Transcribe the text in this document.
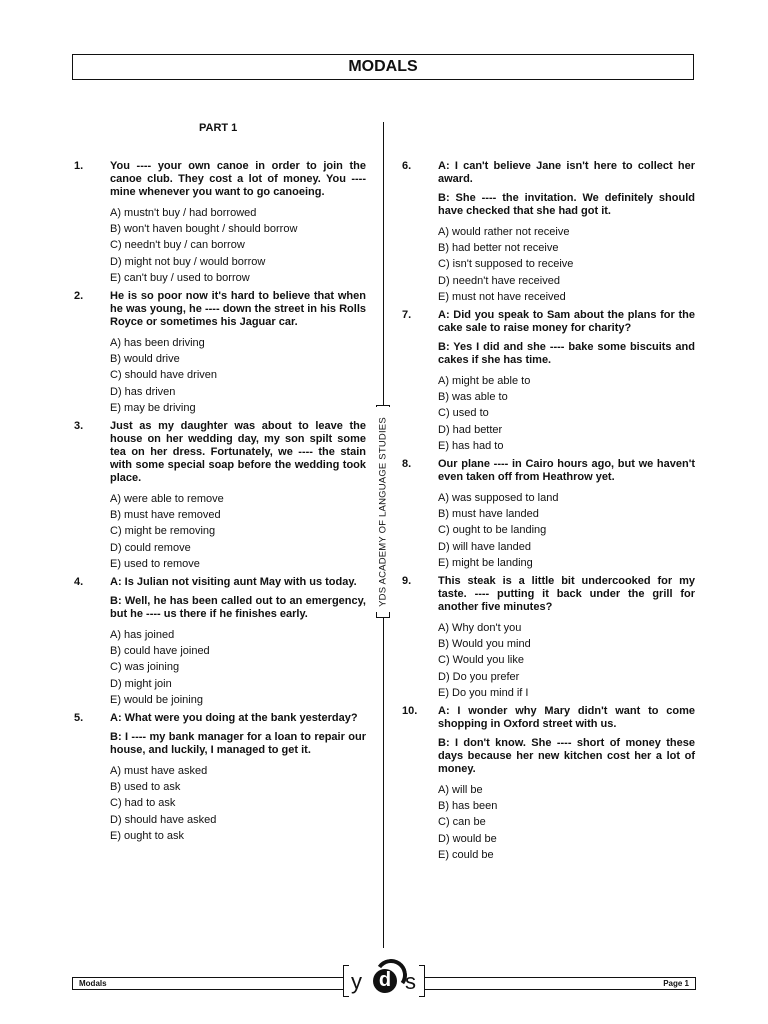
MODALS
PART 1
YDS ACADEMY OF LANGUAGE STUDIES
1. You ---- your own canoe in order to join the canoe club. They cost a lot of money. You ---- mine whenever you want to go canoeing.

A) mustn't buy / had borrowed

B) won't haven bought / should borrow

C) needn't buy / can borrow

D) might not buy / would borrow

E) can't buy / used to borrow

2. He is so poor now it's hard to believe that when he was young, he ---- down the street in his Rolls Royce or sometimes his Jaguar car.

A) has been driving

B) would drive

C) should have driven

D) has driven

E) may be driving

3. Just as my daughter was about to leave the house on her wedding day, my son spilt some tea on her dress. Fortunately, we ---- the stain with some special soap before the wedding took place.

A) were able to remove

B) must have removed

C) might be removing

D) could remove

E) used to remove

4. A: Is Julian not visiting aunt May with us today.

B: Well, he has been called out to an emergency, but he ---- us there if he finishes early.

A) has joined

B) could have joined

C) was joining

D) might join

E) would be joining

5. A: What were you doing at the bank yesterday?

B: I ---- my bank manager for a loan to repair our house, and luckily, I managed to get it.

A) must have asked

B) used to ask

C) had to ask

D) should have asked

E) ought to ask

6. A: I can't believe Jane isn't here to collect her award.

B: She ---- the invitation. We definitely should have checked that she had got it.

A) would rather not receive

B) had better not receive

C) isn't supposed to receive

D) needn't have received

E) must not have received

7. A: Did you speak to Sam about the plans for the cake sale to raise money for charity?

B: Yes I did and she ---- bake some biscuits and cakes if she has time.

A) might be able to

B) was able to

C) used to

D) had better

E) has had to

8. Our plane ---- in Cairo hours ago, but we haven't even taken off from Heathrow yet.

A) was supposed to land

B) must have landed

C) ought to be landing

D) will have landed

E) might be landing

9. This steak is a little bit undercooked for my taste. ---- putting it back under the grill for another five minutes?

A) Why don't you

B) Would you mind

C) Would you like

D) Do you prefer

E) Do you mind if I

10. A: I wonder why Mary didn't want to come shopping in Oxford street with us.

B: I don't know. She ---- short of money these days because her new kitchen cost her a lot of money.

A) will be

B) has been

C) can be

D) would be

E) could be

Modals	Page 1
y d s
